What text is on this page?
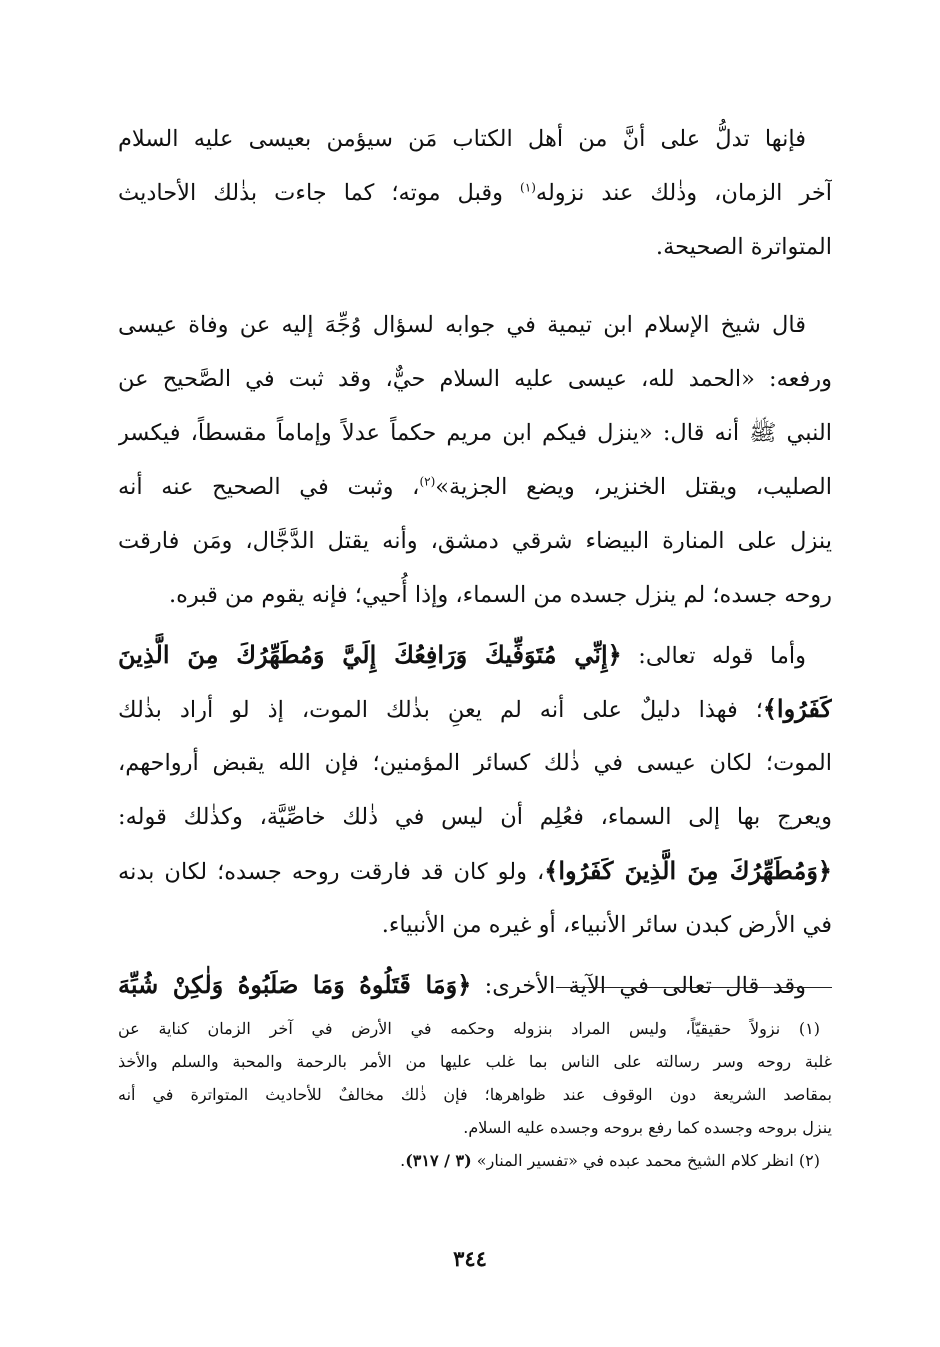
فإنها تدلُّ على أنَّ من أهل الكتاب مَن سيؤمن بعيسى عليه السلام
آخر الزمان، وذٰلك عند نزوله$^{(١)}$ وقبل موته؛ كما جاءت بذٰلك الأحاديث
المتواترة الصحيحة.
قال شيخ الإسلام ابن تيمية في جوابه لسؤال وُجِّهَ إليه عن وفاة عيسى
ورفعه: «الحمد لله، عيسى عليه السلام حيٌّ، وقد ثبت في الصَّحيح عن
النبي ﷺ أنه قال: «ينزل فيكم ابن مريم حكماً عدلاً وإماماً مقسطاً، فيكسر
الصليب، ويقتل الخنزير، ويضع الجزية»$^{(٢)}$، وثبت في الصحيح عنه أنه
ينزل على المنارة البيضاء شرقي دمشق، وأنه يقتل الدَّجَّال، ومَن فارقت
روحه جسده؛ لم ينزل جسده من السماء، وإذا أُحيي؛ فإنه يقوم من قبره.
وأما قوله تعالى: ﴿إِنِّي مُتَوَفِّيكَ وَرَافِعُكَ إِلَيَّ وَمُطَهِّرُكَ مِنَ الَّذِينَ
كَفَرُوا﴾؛ فهذا دليلٌ على أنه لم يعنِ بذٰلك الموت، إذ لو أراد بذٰلك
الموت؛ لكان عيسى في ذٰلك كسائر المؤمنين؛ فإن الله يقبض أرواحهم،
ويعرج بها إلى السماء، فعُلِم أن ليس في ذٰلك خاصِّيَّة، وكذٰلك قوله:
﴿وَمُطَهِّرُكَ مِنَ الَّذِينَ كَفَرُوا﴾، ولو كان قد فارقت روحه جسده؛ لكان بدنه
في الأرض كبدن سائر الأنبياء، أو غيره من الأنبياء.
وقد قال تعالى في الآية الأخرى: ﴿وَمَا قَتَلُوهُ وَمَا صَلَبُوهُ وَلٰكِنْ شُبِّهَ
(١) نزولاً حقيقيّاً، وليس المراد بنزوله وحكمه في الأرض في آخر الزمان كناية عن
غلبة روحه وسر رسالته على الناس بما غلب عليها من الأمر بالرحمة والمحبة والسلم والأخذ
بمقاصد الشريعة دون الوقوف عند ظواهرها؛ فإن ذٰلك مخالفٌ للأحاديث المتواترة في أنه
ينزل بروحه وجسده كما رفع بروحه وجسده عليه السلام.
(٢) انظر كلام الشيخ محمد عبده في «تفسير المنار» (٣ / ٣١٧).
٣٤٤
